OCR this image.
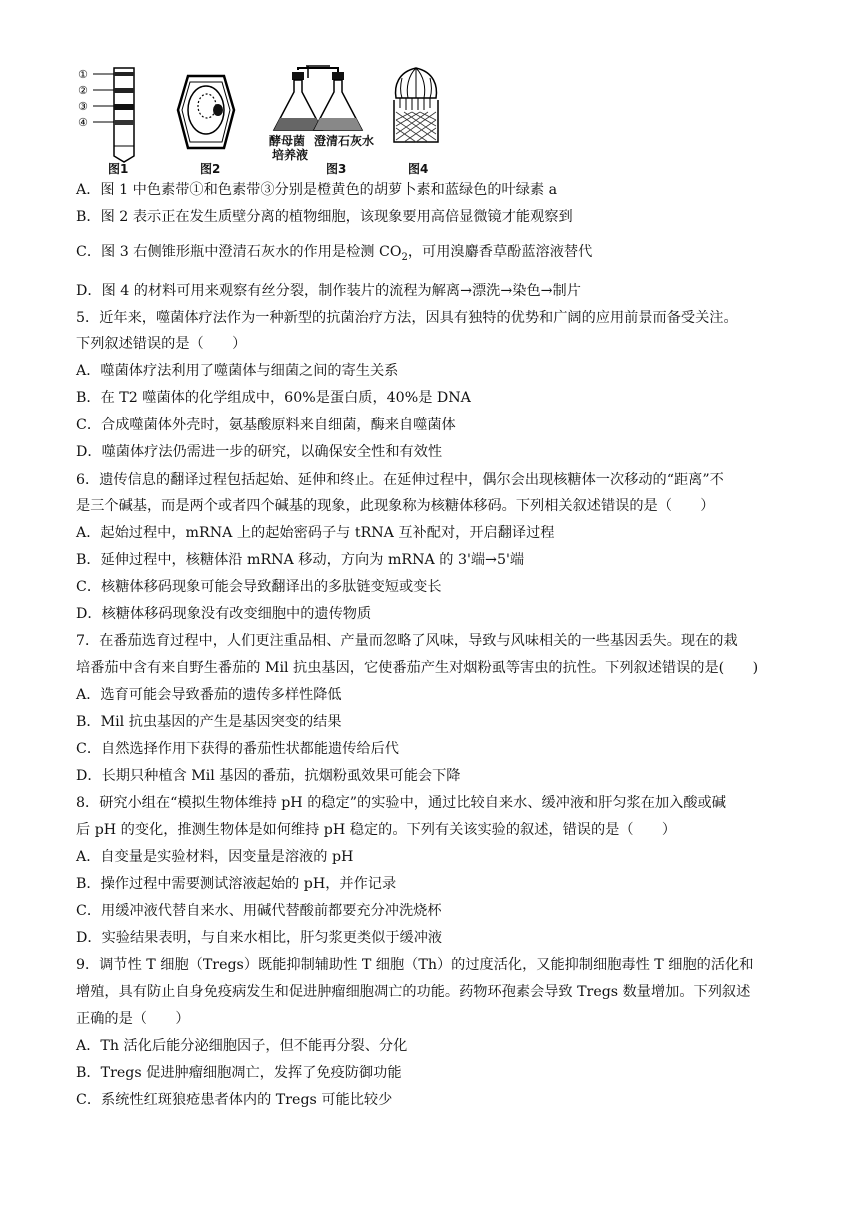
①
②
③
④
酵母菌
培养液
澄清石灰水
图1	图2	图3	图4
A．图 1 中色素带①和色素带③分别是橙黄色的胡萝卜素和蓝绿色的叶绿素 a
B．图 2 表示正在发生质壁分离的植物细胞，该现象要用高倍显微镜才能观察到
C．图 3 右侧锥形瓶中澄清石灰水的作用是检测 $CO_2$，可用溴麝香草酚蓝溶液替代
D．图 4 的材料可用来观察有丝分裂，制作装片的流程为解离→漂洗→染色→制片
5．近年来，噬菌体疗法作为一种新型的抗菌治疗方法，因具有独特的优势和广阔的应用前景而备受关注。
下列叙述错误的是（　　）
A．噬菌体疗法利用了噬菌体与细菌之间的寄生关系
B．在 T2 噬菌体的化学组成中，60%是蛋白质，40%是 DNA
C．合成噬菌体外壳时，氨基酸原料来自细菌，酶来自噬菌体
D．噬菌体疗法仍需进一步的研究，以确保安全性和有效性
6．遗传信息的翻译过程包括起始、延伸和终止。在延伸过程中，偶尔会出现核糖体一次移动的“距离”不
是三个碱基，而是两个或者四个碱基的现象，此现象称为核糖体移码。下列相关叙述错误的是（　　）
A．起始过程中，mRNA 上的起始密码子与 tRNA 互补配对，开启翻译过程
B．延伸过程中，核糖体沿 mRNA 移动，方向为 mRNA 的 3'端→5'端
C．核糖体移码现象可能会导致翻译出的多肽链变短或变长
D．核糖体移码现象没有改变细胞中的遗传物质
7．在番茄选育过程中，人们更注重品相、产量而忽略了风味，导致与风味相关的一些基因丢失。现在的栽
培番茄中含有来自野生番茄的 Mil 抗虫基因，它使番茄产生对烟粉虱等害虫的抗性。下列叙述错误的是(　　)
A．选育可能会导致番茄的遗传多样性降低
B．Mil 抗虫基因的产生是基因突变的结果
C．自然选择作用下获得的番茄性状都能遗传给后代
D．长期只种植含 Mil 基因的番茄，抗烟粉虱效果可能会下降
8．研究小组在“模拟生物体维持 pH 的稳定”的实验中，通过比较自来水、缓冲液和肝匀浆在加入酸或碱
后 pH 的变化，推测生物体是如何维持 pH 稳定的。下列有关该实验的叙述，错误的是（　　）
A．自变量是实验材料，因变量是溶液的 pH
B．操作过程中需要测试溶液起始的 pH，并作记录
C．用缓冲液代替自来水、用碱代替酸前都要充分冲洗烧杯
D．实验结果表明，与自来水相比，肝匀浆更类似于缓冲液
9．调节性 T 细胞（Tregs）既能抑制辅助性 T 细胞（Th）的过度活化，又能抑制细胞毒性 T 细胞的活化和
增殖，具有防止自身免疫病发生和促进肿瘤细胞凋亡的功能。药物环孢素会导致 Tregs 数量增加。下列叙述
正确的是（　　）
A．Th 活化后能分泌细胞因子，但不能再分裂、分化
B．Tregs 促进肿瘤细胞凋亡，发挥了免疫防御功能
C．系统性红斑狼疮患者体内的 Tregs 可能比较少
